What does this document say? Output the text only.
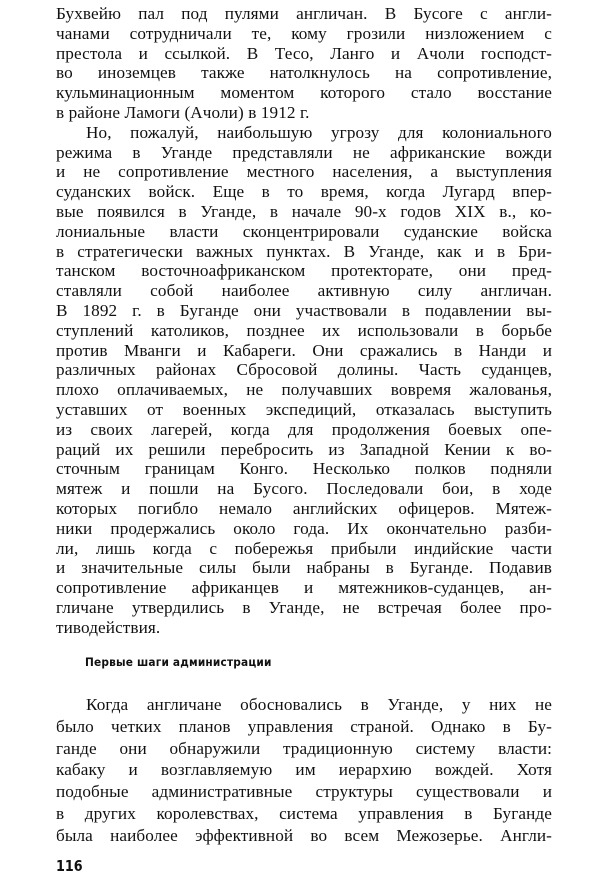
Бухвейю пал под пулями англичан. В Бусоге с англи-
чанами сотрудничали те, кому грозили низложением с
престола и ссылкой. В Тесо, Ланго и Ачоли господст-
во иноземцев также натолкнулось на сопротивление,
кульминационным моментом которого стало восстание
в районе Ламоги (Ачоли) в 1912 г.
Но, пожалуй, наибольшую угрозу для колониального
режима в Уганде представляли не африканские вожди
и не сопротивление местного населения, а выступления
суданских войск. Еще в то время, когда Лугард впер-
вые появился в Уганде, в начале 90-х годов XIX в., ко-
лониальные власти сконцентрировали суданские войска
в стратегически важных пунктах. В Уганде, как и в Бри-
танском восточноафриканском протекторате, они пред-
ставляли собой наиболее активную силу англичан.
В 1892 г. в Буганде они участвовали в подавлении вы-
ступлений католиков, позднее их использовали в борьбе
против Мванги и Кабареги. Они сражались в Нанди и
различных районах Сбросовой долины. Часть суданцев,
плохо оплачиваемых, не получавших вовремя жалованья,
уставших от военных экспедиций, отказалась выступить
из своих лагерей, когда для продолжения боевых опе-
раций их решили перебросить из Западной Кении к во-
сточным границам Конго. Несколько полков подняли
мятеж и пошли на Бусого. Последовали бои, в ходе
которых погибло немало английских офицеров. Мятеж-
ники продержались около года. Их окончательно разби-
ли, лишь когда с побережья прибыли индийские части
и значительные силы были набраны в Буганде. Подавив
сопротивление африканцев и мятежников-суданцев, ан-
гличане утвердились в Уганде, не встречая более про-
тиводействия.
Первые шаги администрации
Когда англичане обосновались в Уганде, у них не
было четких планов управления страной. Однако в Бу-
ганде они обнаружили традиционную систему власти:
кабаку и возглавляемую им иерархию вождей. Хотя
подобные административные структуры существовали и
в других королевствах, система управления в Буганде
была наиболее эффективной во всем Межозерье. Англи-
116
